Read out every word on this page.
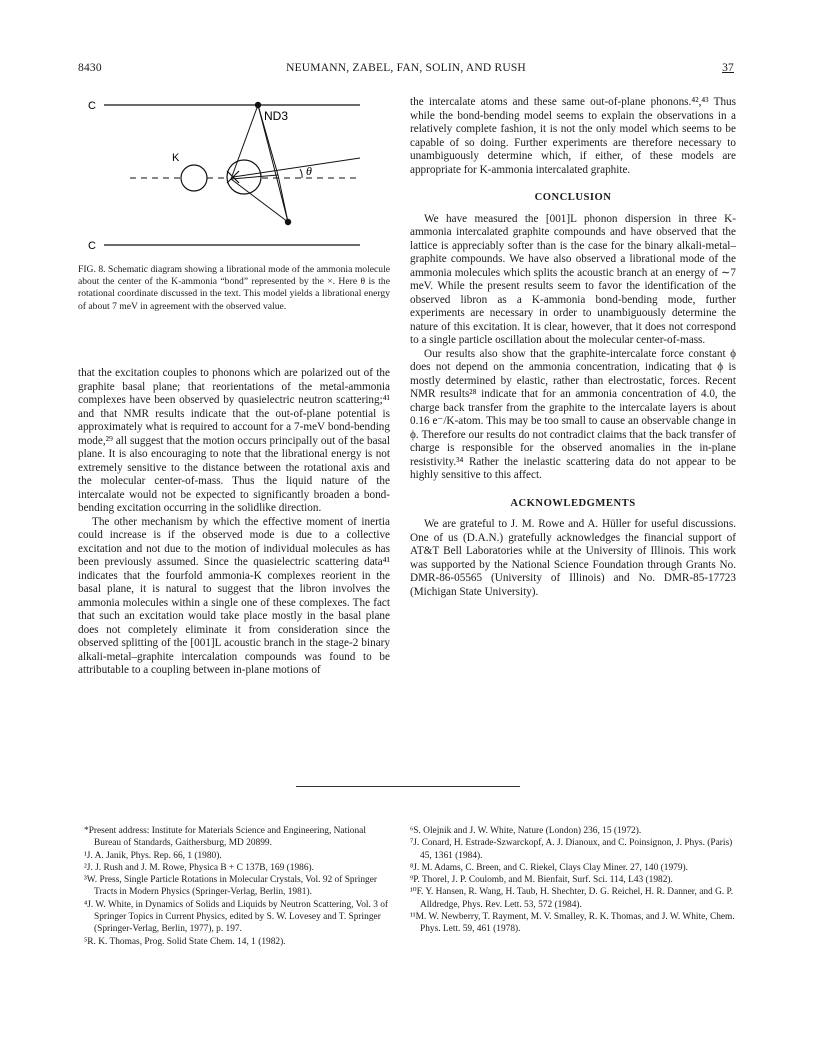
8430	NEUMANN, ZABEL, FAN, SOLIN, AND RUSH	37
C
C
K
ND3
θ
FIG. 8. Schematic diagram showing a librational mode of the ammonia molecule about the center of the K-ammonia “bond” represented by the ×. Here θ is the rotational coordinate discussed in the text. This model yields a librational energy of about 7 meV in agreement with the observed value.

that the excitation couples to phonons which are polarized out of the graphite basal plane; that reorientations of the metal-ammonia complexes have been observed by quasielectric neutron scattering;⁴¹ and that NMR results indicate that the out-of-plane potential is approximately what is required to account for a 7-meV bond-bending mode,²⁹ all suggest that the motion occurs principally out of the basal plane. It is also encouraging to note that the librational energy is not extremely sensitive to the distance between the rotational axis and the molecular center-of-mass. Thus the liquid nature of the intercalate would not be expected to significantly broaden a bond-bending excitation occurring in the solidlike direction.

The other mechanism by which the effective moment of inertia could increase is if the observed mode is due to a collective excitation and not due to the motion of individual molecules as has been previously assumed. Since the quasielectric scattering data⁴¹ indicates that the fourfold ammonia-K complexes reorient in the basal plane, it is natural to suggest that the libron involves the ammonia molecules within a single one of these complexes. The fact that such an excitation would take place mostly in the basal plane does not completely eliminate it from consideration since the observed splitting of the [001]L acoustic branch in the stage-2 binary alkali-metal–graphite intercalation compounds was found to be attributable to a coupling between in-plane motions of

the intercalate atoms and these same out-of-plane phonons.⁴²,⁴³ Thus while the bond-bending model seems to explain the observations in a relatively complete fashion, it is not the only model which seems to be capable of so doing. Further experiments are therefore necessary to unambiguously determine which, if either, of these models are appropriate for K-ammonia intercalated graphite.

CONCLUSION

We have measured the [001]L phonon dispersion in three K-ammonia intercalated graphite compounds and have observed that the lattice is appreciably softer than is the case for the binary alkali-metal–graphite compounds. We have also observed a librational mode of the ammonia molecules which splits the acoustic branch at an energy of ∼7 meV. While the present results seem to favor the identification of the observed libron as a K-ammonia bond-bending mode, further experiments are necessary in order to unambiguously determine the nature of this excitation. It is clear, however, that it does not correspond to a single particle oscillation about the molecular center-of-mass.

Our results also show that the graphite-intercalate force constant ϕ does not depend on the ammonia concentration, indicating that ϕ is mostly determined by elastic, rather than electrostatic, forces. Recent NMR results²⁸ indicate that for an ammonia concentration of 4.0, the charge back transfer from the graphite to the intercalate layers is about 0.16 e⁻/K-atom. This may be too small to cause an observable change in ϕ. Therefore our results do not contradict claims that the back transfer of charge is responsible for the observed anomalies in the in-plane resistivity.³⁴ Rather the inelastic scattering data do not appear to be highly sensitive to this affect.

ACKNOWLEDGMENTS

We are grateful to J. M. Rowe and A. Hüller for useful discussions. One of us (D.A.N.) gratefully acknowledges the financial support of AT&T Bell Laboratories while at the University of Illinois. This work was supported by the National Science Foundation through Grants No. DMR-86-05565 (University of Illinois) and No. DMR-85-17723 (Michigan State University).

*Present address: Institute for Materials Science and Engineering, National Bureau of Standards, Gaithersburg, MD 20899.

¹J. A. Janik, Phys. Rep. 66, 1 (1980).

²J. J. Rush and J. M. Rowe, Physica B + C 137B, 169 (1986).

³W. Press, Single Particle Rotations in Molecular Crystals, Vol. 92 of Springer Tracts in Modern Physics (Springer-Verlag, Berlin, 1981).

⁴J. W. White, in Dynamics of Solids and Liquids by Neutron Scattering, Vol. 3 of Springer Topics in Current Physics, edited by S. W. Lovesey and T. Springer (Springer-Verlag, Berlin, 1977), p. 197.

⁵R. K. Thomas, Prog. Solid State Chem. 14, 1 (1982).

⁶S. Olejnik and J. W. White, Nature (London) 236, 15 (1972).

⁷J. Conard, H. Estrade-Szwarckopf, A. J. Dianoux, and C. Poinsignon, J. Phys. (Paris) 45, 1361 (1984).

⁸J. M. Adams, C. Breen, and C. Riekel, Clays Clay Miner. 27, 140 (1979).

⁹P. Thorel, J. P. Coulomb, and M. Bienfait, Surf. Sci. 114, L43 (1982).

¹⁰F. Y. Hansen, R. Wang, H. Taub, H. Shechter, D. G. Reichel, H. R. Danner, and G. P. Alldredge, Phys. Rev. Lett. 53, 572 (1984).

¹¹M. W. Newberry, T. Rayment, M. V. Smalley, R. K. Thomas, and J. W. White, Chem. Phys. Lett. 59, 461 (1978).
